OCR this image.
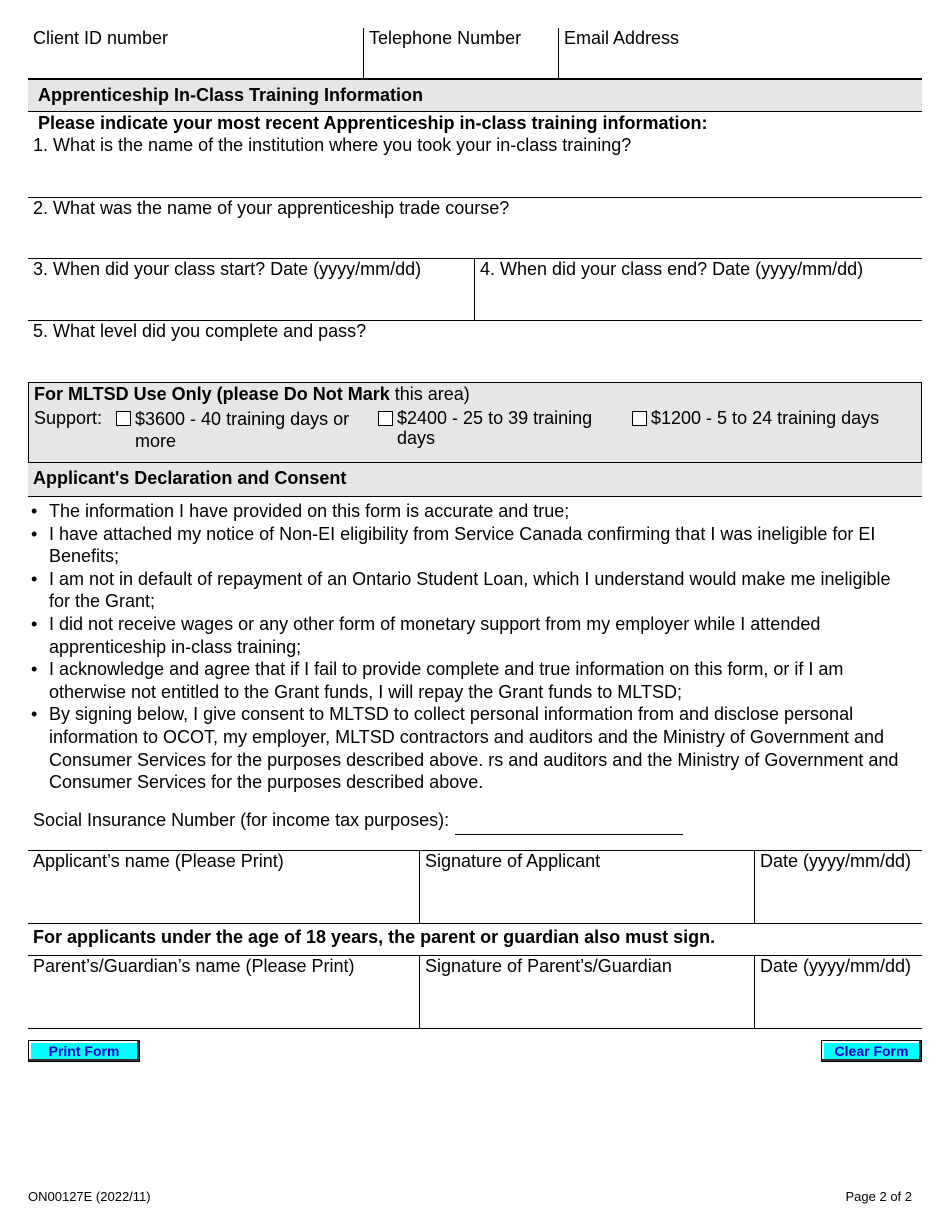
Client ID number	Telephone Number	Email Address
Apprenticeship In-Class Training Information
Please indicate your most recent Apprenticeship in-class training information:
1. What is the name of the institution where you took your in-class training?
2. What was the name of your apprenticeship trade course?
3. When did your class start? Date (yyyy/mm/dd)	4. When did your class end? Date (yyyy/mm/dd)
5. What level did you complete and pass?
For MLTSD Use Only (please Do Not Mark this area)
Support:	$3600 - 40 training days or more
$2400 - 25 to 39 training days
$1200 - 5 to 24 training days
Applicant's Declaration and Consent
• The information I have provided on this form is accurate and true;
• I have attached my notice of Non-EI eligibility from Service Canada confirming that I was ineligible for EI Benefits;
• I am not in default of repayment of an Ontario Student Loan, which I understand would make me ineligible for the Grant;
• I did not receive wages or any other form of monetary support from my employer while I attended apprenticeship in-class training;
• I acknowledge and agree that if I fail to provide complete and true information on this form, or if I am otherwise not entitled to the Grant funds, I will repay the Grant funds to MLTSD;
• By signing below, I give consent to MLTSD to collect personal information from and disclose personal information to OCOT, my employer, MLTSD contractors and auditors and the Ministry of Government and Consumer Services for the purposes described above. rs and auditors and the Ministry of Government and Consumer Services for the purposes described above.
Social Insurance Number (for income tax purposes):
Applicant’s name (Please Print)	Signature of Applicant	Date (yyyy/mm/dd)
For applicants under the age of 18 years, the parent or guardian also must sign.
Parent’s/Guardian’s name (Please Print)	Signature of Parent’s/Guardian	Date (yyyy/mm/dd)
Print Form	Clear Form
ON00127E (2022/11)	Page 2 of 2
